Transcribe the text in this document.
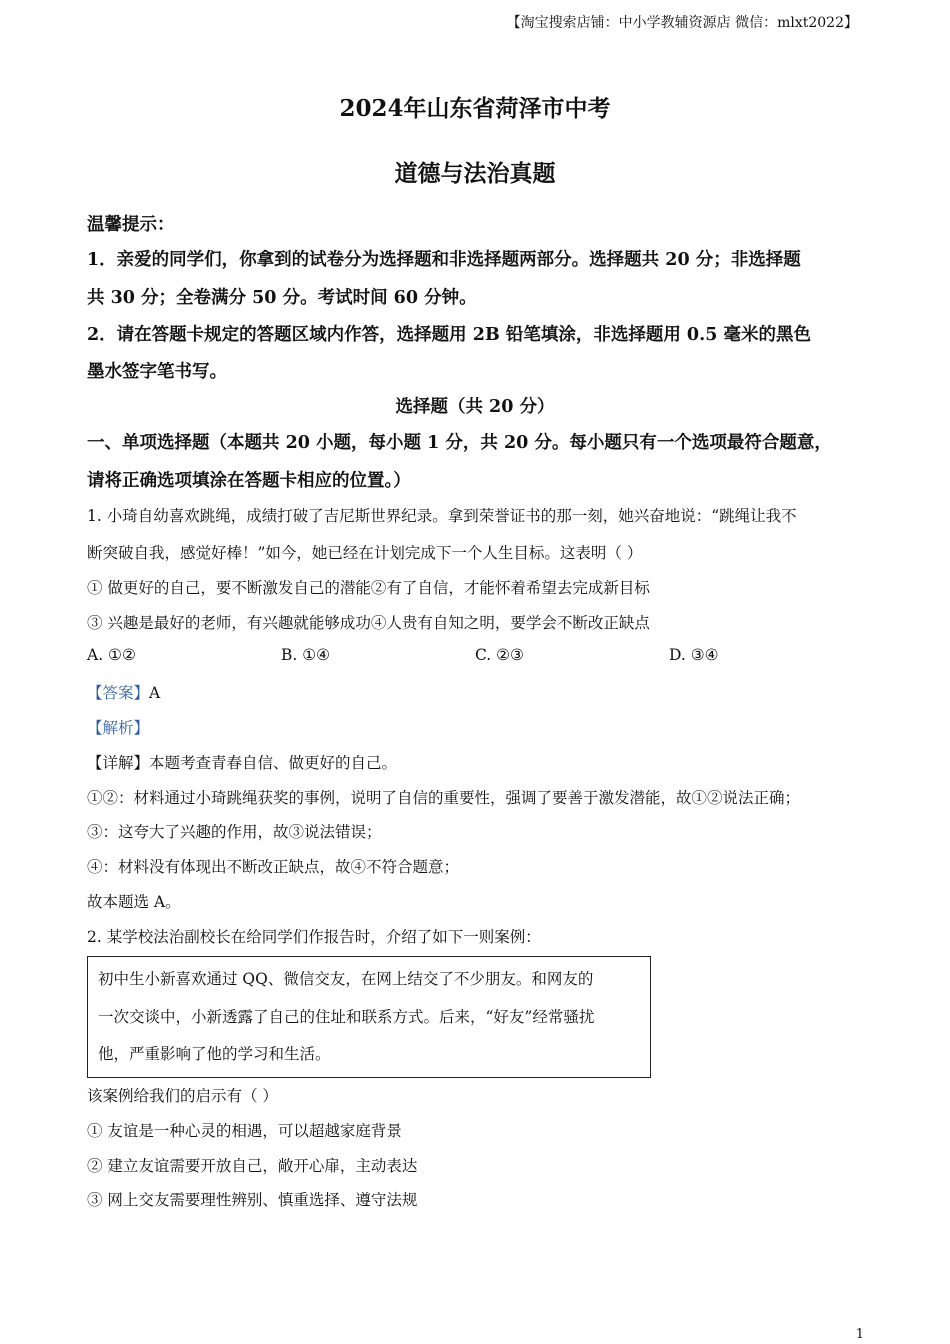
【淘宝搜索店铺：中小学教辅资源店 微信：mlxt2022】
2024年山东省菏泽市中考
道德与法治真题
温馨提示：
1．亲爱的同学们，你拿到的试卷分为选择题和非选择题两部分。选择题共 20 分；非选择题
共 30 分；全卷满分 50 分。考试时间 60 分钟。
2．请在答题卡规定的答题区域内作答，选择题用 2B 铅笔填涂，非选择题用 0.5 毫米的黑色
墨水签字笔书写。
选择题（共 20 分）
一、单项选择题（本题共 20 小题，每小题 1 分，共 20 分。每小题只有一个选项最符合题意，
请将正确选项填涂在答题卡相应的位置。）
1. 小琦自幼喜欢跳绳，成绩打破了吉尼斯世界纪录。拿到荣誉证书的那一刻，她兴奋地说：“跳绳让我不
断突破自我，感觉好棒！”如今，她已经在计划完成下一个人生目标。这表明（ ）
① 做更好的自己，要不断激发自己的潜能②有了自信，才能怀着希望去完成新目标
③ 兴趣是最好的老师，有兴趣就能够成功④人贵有自知之明，要学会不断改正缺点
A. ①②	B. ①④	C. ②③	D. ③④
【答案】A
【解析】
【详解】本题考查青春自信、做更好的自己。
①②：材料通过小琦跳绳获奖的事例，说明了自信的重要性，强调了要善于激发潜能，故①②说法正确；
③：这夸大了兴趣的作用，故③说法错误；
④：材料没有体现出不断改正缺点，故④不符合题意；
故本题选 A。
2. 某学校法治副校长在给同学们作报告时，介绍了如下一则案例：
初中生小新喜欢通过 QQ、微信交友，在网上结交了不少朋友。和网友的
一次交谈中，小新透露了自己的住址和联系方式。后来，“好友”经常骚扰
他，严重影响了他的学习和生活。
该案例给我们的启示有（ ）
① 友谊是一种心灵的相遇，可以超越家庭背景
② 建立友谊需要开放自己，敞开心扉，主动表达
③ 网上交友需要理性辨别、慎重选择、遵守法规
1
